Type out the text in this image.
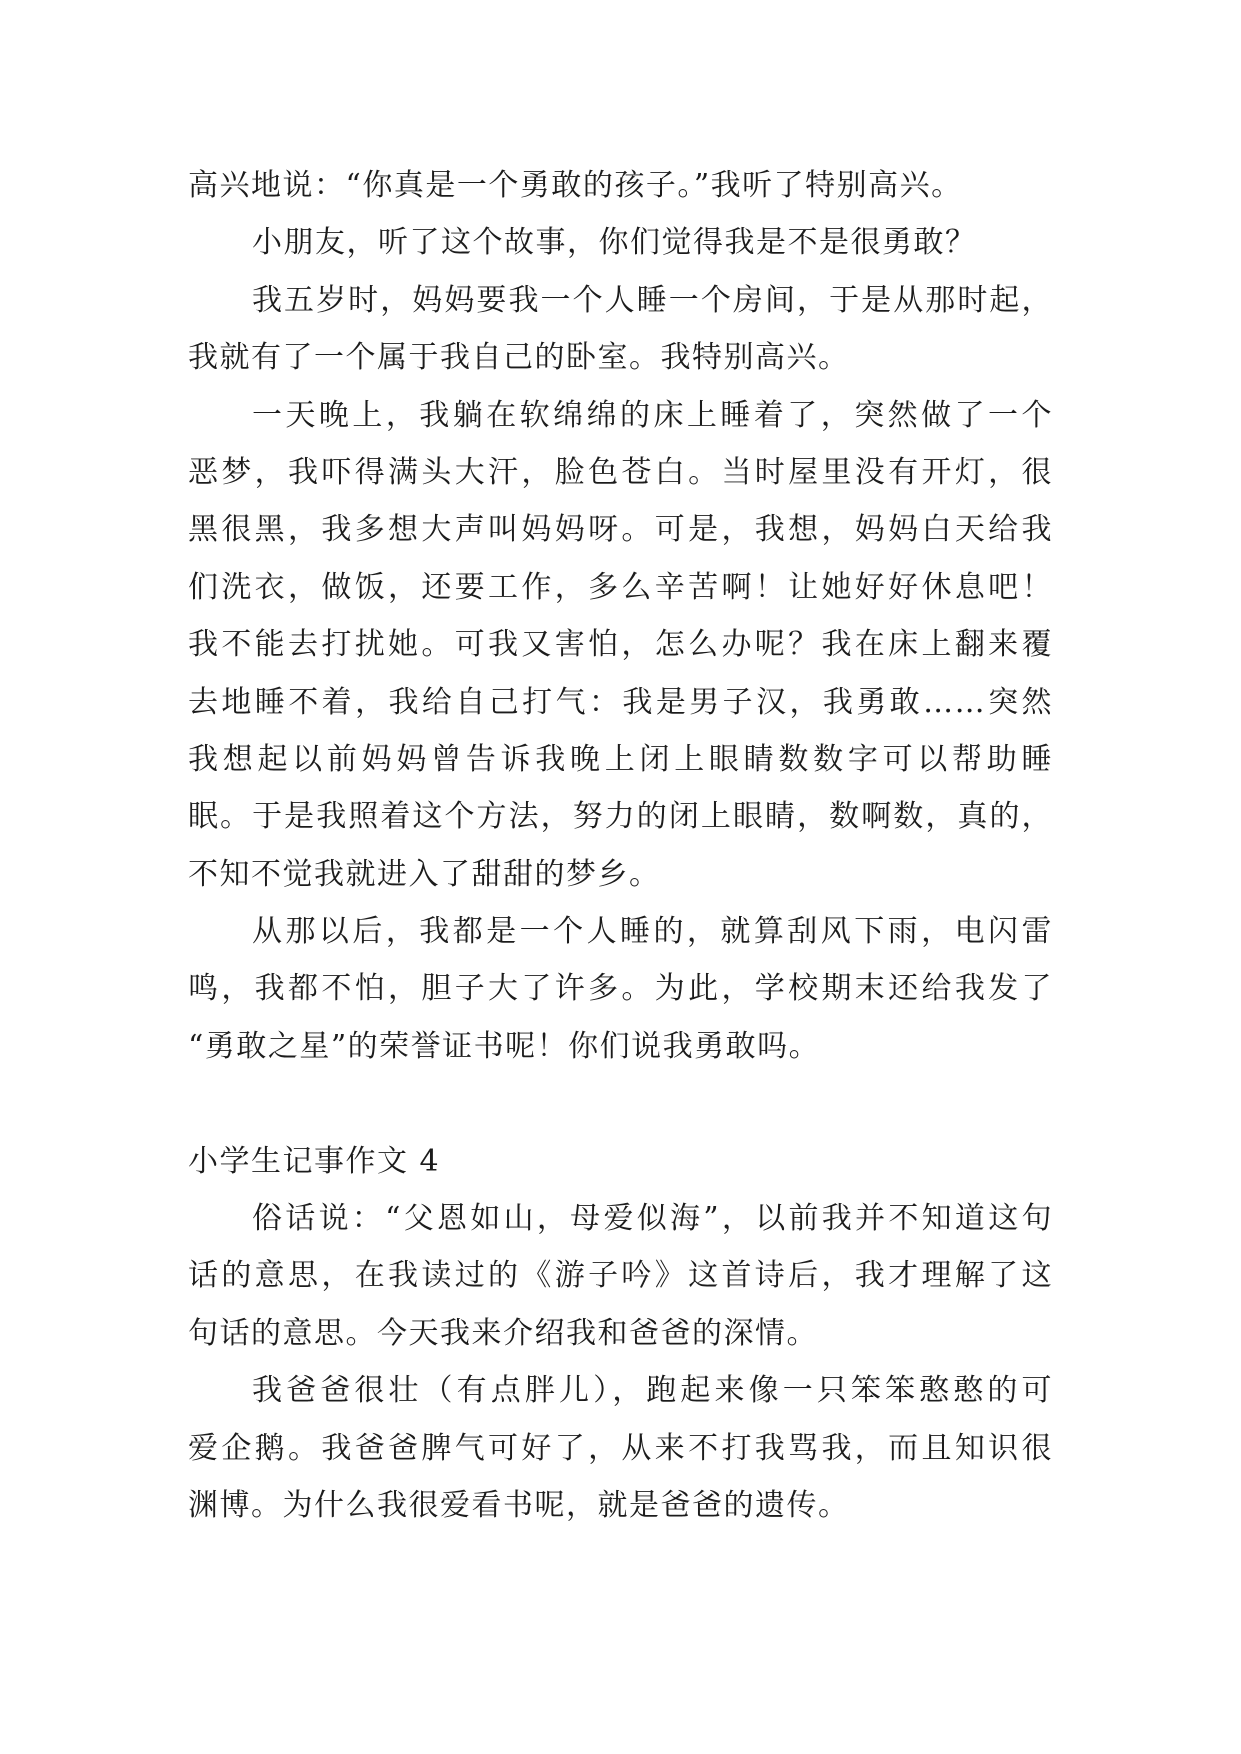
高兴地说：“你真是一个勇敢的孩子。”我听了特别高兴。
小朋友，听了这个故事，你们觉得我是不是很勇敢？
我五岁时，妈妈要我一个人睡一个房间，于是从那时起，
我就有了一个属于我自己的卧室。我特别高兴。
一天晚上，我躺在软绵绵的床上睡着了，突然做了一个
恶梦，我吓得满头大汗，脸色苍白。当时屋里没有开灯，很
黑很黑，我多想大声叫妈妈呀。可是，我想，妈妈白天给我
们洗衣，做饭，还要工作，多么辛苦啊！让她好好休息吧！
我不能去打扰她。可我又害怕，怎么办呢？我在床上翻来覆
去地睡不着，我给自己打气：我是男子汉，我勇敢……突然
我想起以前妈妈曾告诉我晚上闭上眼睛数数字可以帮助睡
眠。于是我照着这个方法，努力的闭上眼睛，数啊数，真的，
不知不觉我就进入了甜甜的梦乡。
从那以后，我都是一个人睡的，就算刮风下雨，电闪雷
鸣，我都不怕，胆子大了许多。为此，学校期末还给我发了
“勇敢之星”的荣誉证书呢！你们说我勇敢吗。
小学生记事作文 4
俗话说：“父恩如山，母爱似海”，以前我并不知道这句
话的意思，在我读过的《游子吟》这首诗后，我才理解了这
句话的意思。今天我来介绍我和爸爸的深情。
我爸爸很壮（有点胖儿），跑起来像一只笨笨憨憨的可
爱企鹅。我爸爸脾气可好了，从来不打我骂我，而且知识很
渊博。为什么我很爱看书呢，就是爸爸的遗传。
